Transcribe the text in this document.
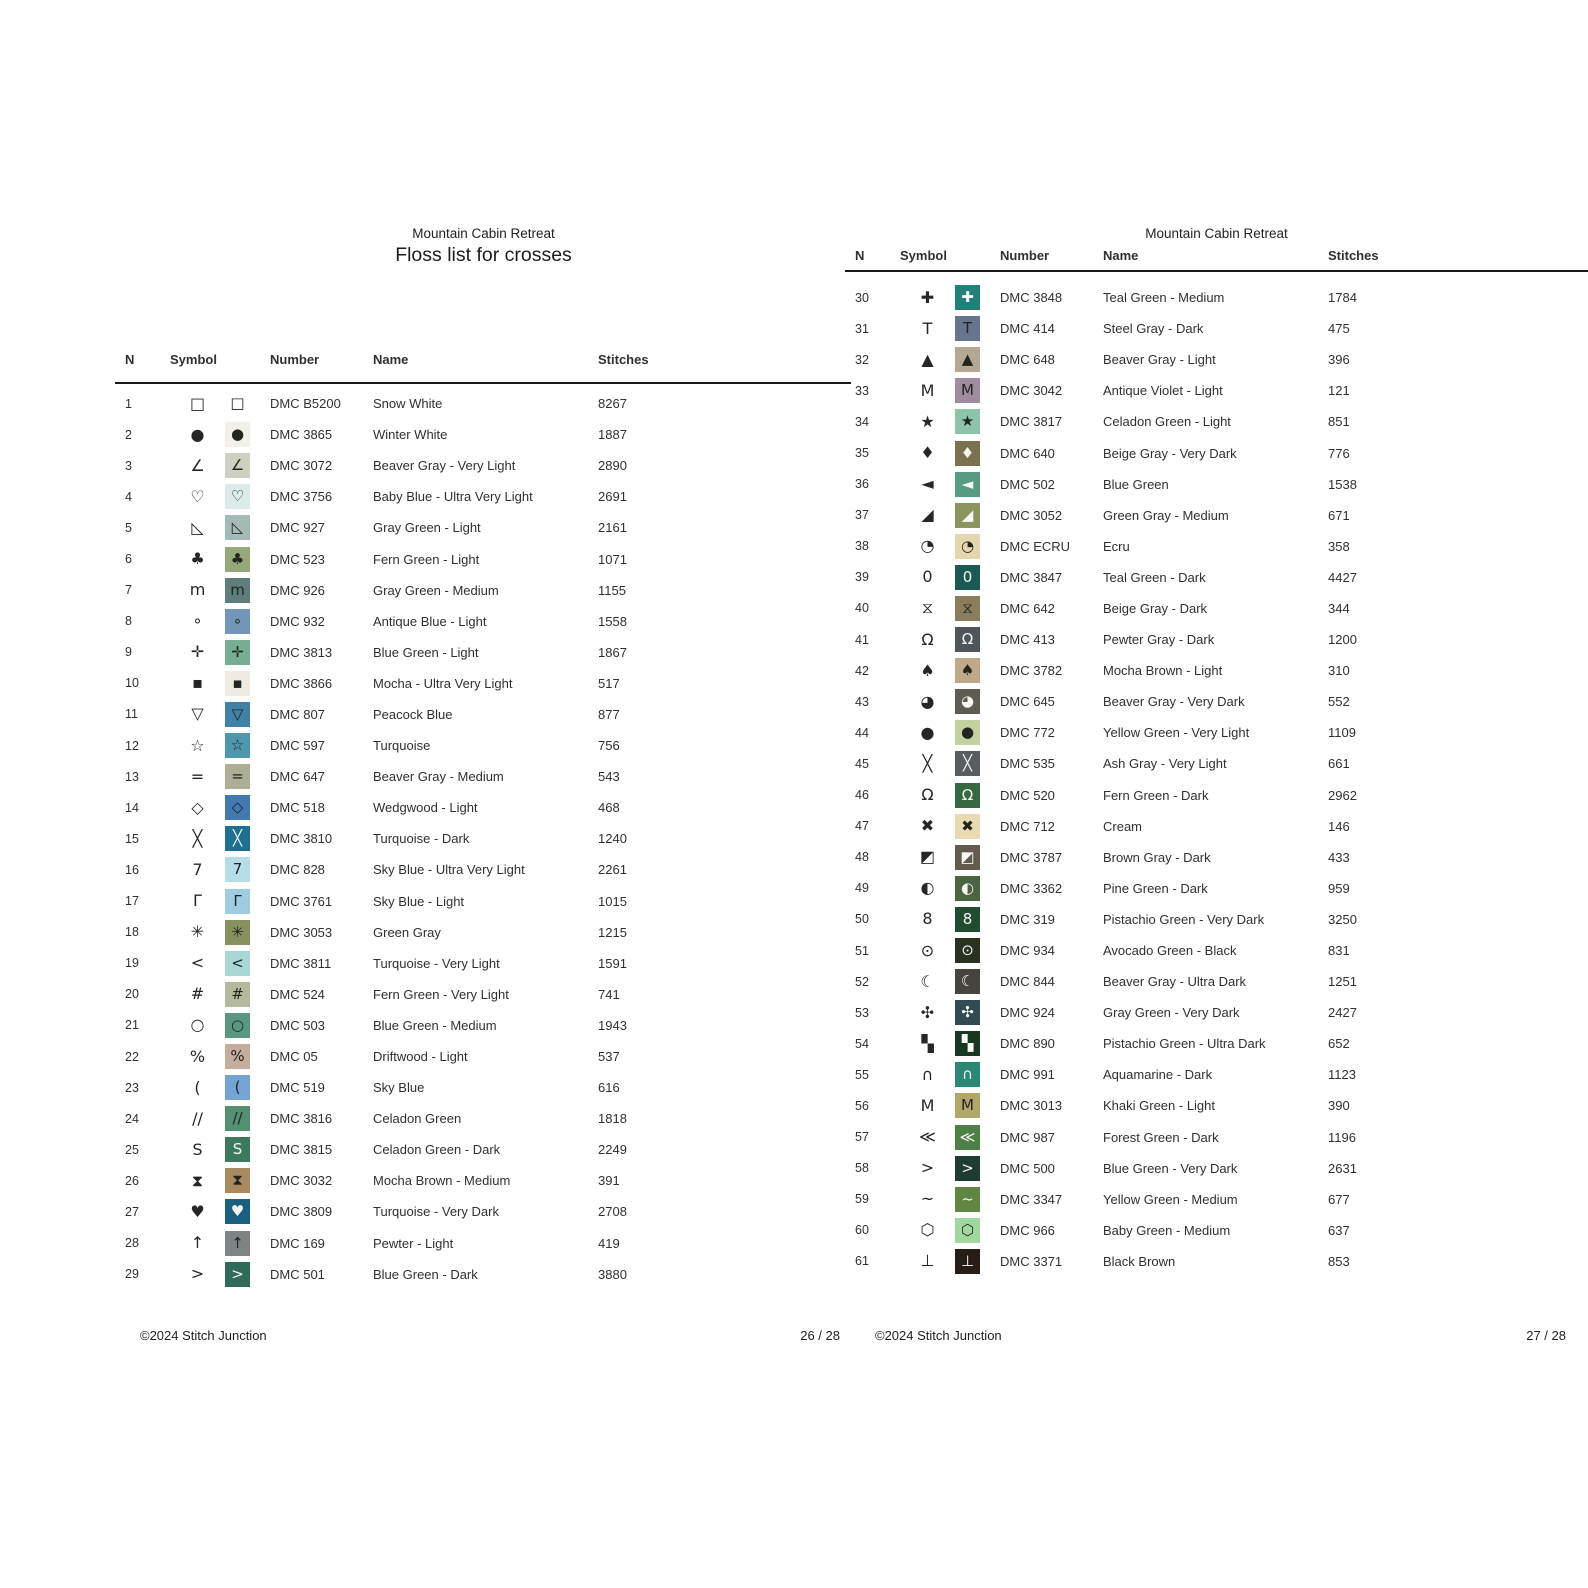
Mountain Cabin Retreat
Floss list for crosses
N	Symbol	Number	Name	Stitches
1	□	□ DMC B5200	Snow White	8267
2	●	● DMC 3865	Winter White	1887
3	∠	∠ DMC 3072	Beaver Gray - Very Light	2890
4	♡	♡ DMC 3756	Baby Blue - Ultra Very Light	2691
5	◺	◺ DMC 927	Gray Green - Light	2161
6	♣	♣ DMC 523	Fern Green - Light	1071
7	m	m DMC 926	Gray Green - Medium	1155
8	∘	∘ DMC 932	Antique Blue - Light	1558
9	✛	✛ DMC 3813	Blue Green - Light	1867
10	▪	▪ DMC 3866	Mocha - Ultra Very Light	517
11	▽	▽ DMC 807	Peacock Blue	877
12	☆	☆ DMC 597	Turquoise	756
13	=	= DMC 647	Beaver Gray - Medium	543
14	◇	◇ DMC 518	Wedgwood - Light	468
15	╳	╳ DMC 3810	Turquoise - Dark	1240
16	7	7 DMC 828	Sky Blue - Ultra Very Light	2261
17	Γ	Γ DMC 3761	Sky Blue - Light	1015
18	✳	✳ DMC 3053	Green Gray	1215
19	<	< DMC 3811	Turquoise - Very Light	1591
20	#	# DMC 524	Fern Green - Very Light	741
21	○	○ DMC 503	Blue Green - Medium	1943
22	%	% DMC 05	Driftwood - Light	537
23	(	( DMC 519	Sky Blue	616
24	//	// DMC 3816	Celadon Green	1818
25	S	S DMC 3815	Celadon Green - Dark	2249
26	⧗	⧗ DMC 3032	Mocha Brown - Medium	391
27	♥	♥ DMC 3809	Turquoise - Very Dark	2708
28	↑	↑ DMC 169	Pewter - Light	419
29	>	> DMC 501	Blue Green - Dark	3880
Mountain Cabin Retreat
N	Symbol	Number	Name	Stitches
30	✚	✚ DMC 3848	Teal Green - Medium	1784
31	T	T DMC 414	Steel Gray - Dark	475
32	▲	▲ DMC 648	Beaver Gray - Light	396
33	M	M DMC 3042	Antique Violet - Light	121
34	★	★ DMC 3817	Celadon Green - Light	851
35	♦	♦ DMC 640	Beige Gray - Very Dark	776
36	◄	◄ DMC 502	Blue Green	1538
37	◢	◢ DMC 3052	Green Gray - Medium	671
38	◔	◔ DMC ECRU	Ecru	358
39	0	0 DMC 3847	Teal Green - Dark	4427
40	⧖	⧖ DMC 642	Beige Gray - Dark	344
41	Ω	Ω DMC 413	Pewter Gray - Dark	1200
42	♠	♠ DMC 3782	Mocha Brown - Light	310
43	◕	◕ DMC 645	Beaver Gray - Very Dark	552
44	●	● DMC 772	Yellow Green - Very Light	1109
45	╳	╳ DMC 535	Ash Gray - Very Light	661
46	Ω	Ω DMC 520	Fern Green - Dark	2962
47	✖	✖ DMC 712	Cream	146
48	◩	◩ DMC 3787	Brown Gray - Dark	433
49	◐	◐ DMC 3362	Pine Green - Dark	959
50	8	8 DMC 319	Pistachio Green - Very Dark	3250
51	⊙	⊙ DMC 934	Avocado Green - Black	831
52	☾	☾ DMC 844	Beaver Gray - Ultra Dark	1251
53	✣	✣ DMC 924	Gray Green - Very Dark	2427
54	▚	▚ DMC 890	Pistachio Green - Ultra Dark	652
55	∩	∩ DMC 991	Aquamarine - Dark	1123
56	M	M DMC 3013	Khaki Green - Light	390
57	≪	≪ DMC 987	Forest Green - Dark	1196
58	>	> DMC 500	Blue Green - Very Dark	2631
59	~	~ DMC 3347	Yellow Green - Medium	677
60	⬡	⬡ DMC 966	Baby Green - Medium	637
61	⊥	⊥ DMC 3371	Black Brown	853
©2024 Stitch Junction	26 / 28	©2024 Stitch Junction	27 / 28
